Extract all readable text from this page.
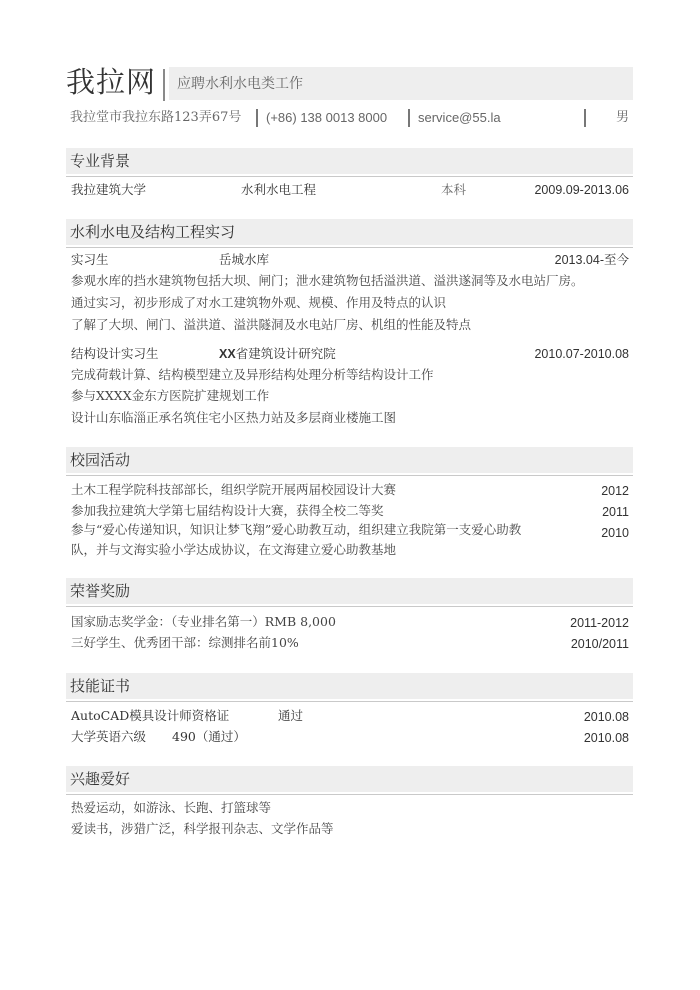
我拉网 应聘水利水电类工作
我拉堂市我拉东路123弄67号 (+86) 138 0013 8000 service@55.la	男
专业背景
我拉建筑大学	水利水电工程	本科	2009.09-2013.06
水利水电及结构工程实习
实习生	岳城水库	2013.04-至今
参观水库的挡水建筑物包括大坝、闸门；泄水建筑物包括溢洪道、溢洪遂洞等及水电站厂房。
通过实习，初步形成了对水工建筑物外观、规模、作用及特点的认识
了解了大坝、闸门、溢洪道、溢洪隧洞及水电站厂房、机组的性能及特点
结构设计实习生	XX省建筑设计研究院	2010.07-2010.08
完成荷载计算、结构模型建立及异形结构处理分析等结构设计工作
参与XXXX金东方医院扩建规划工作
设计山东临淄正承名筑住宅小区热力站及多层商业楼施工图
校园活动
土木工程学院科技部部长，组织学院开展两届校园设计大赛	2012
参加我拉建筑大学第七届结构设计大赛，获得全校二等奖	2011
参与“爱心传递知识，知识让梦飞翔”爱心助教互动，组织建立我院第一支爱心助教
队，并与文海实验小学达成协议，在文海建立爱心助教基地
2010
荣誉奖励
国家励志奖学金：（专业排名第一）RMB 8,000	2011-2012
三好学生、优秀团干部：综测排名前10%	2010/2011
技能证书
AutoCAD模具设计师资格证	通过	2010.08
大学英语六级 490（通过）	2010.08
兴趣爱好
热爱运动，如游泳、长跑、打篮球等
爱读书，涉猎广泛，科学报刊杂志、文学作品等
